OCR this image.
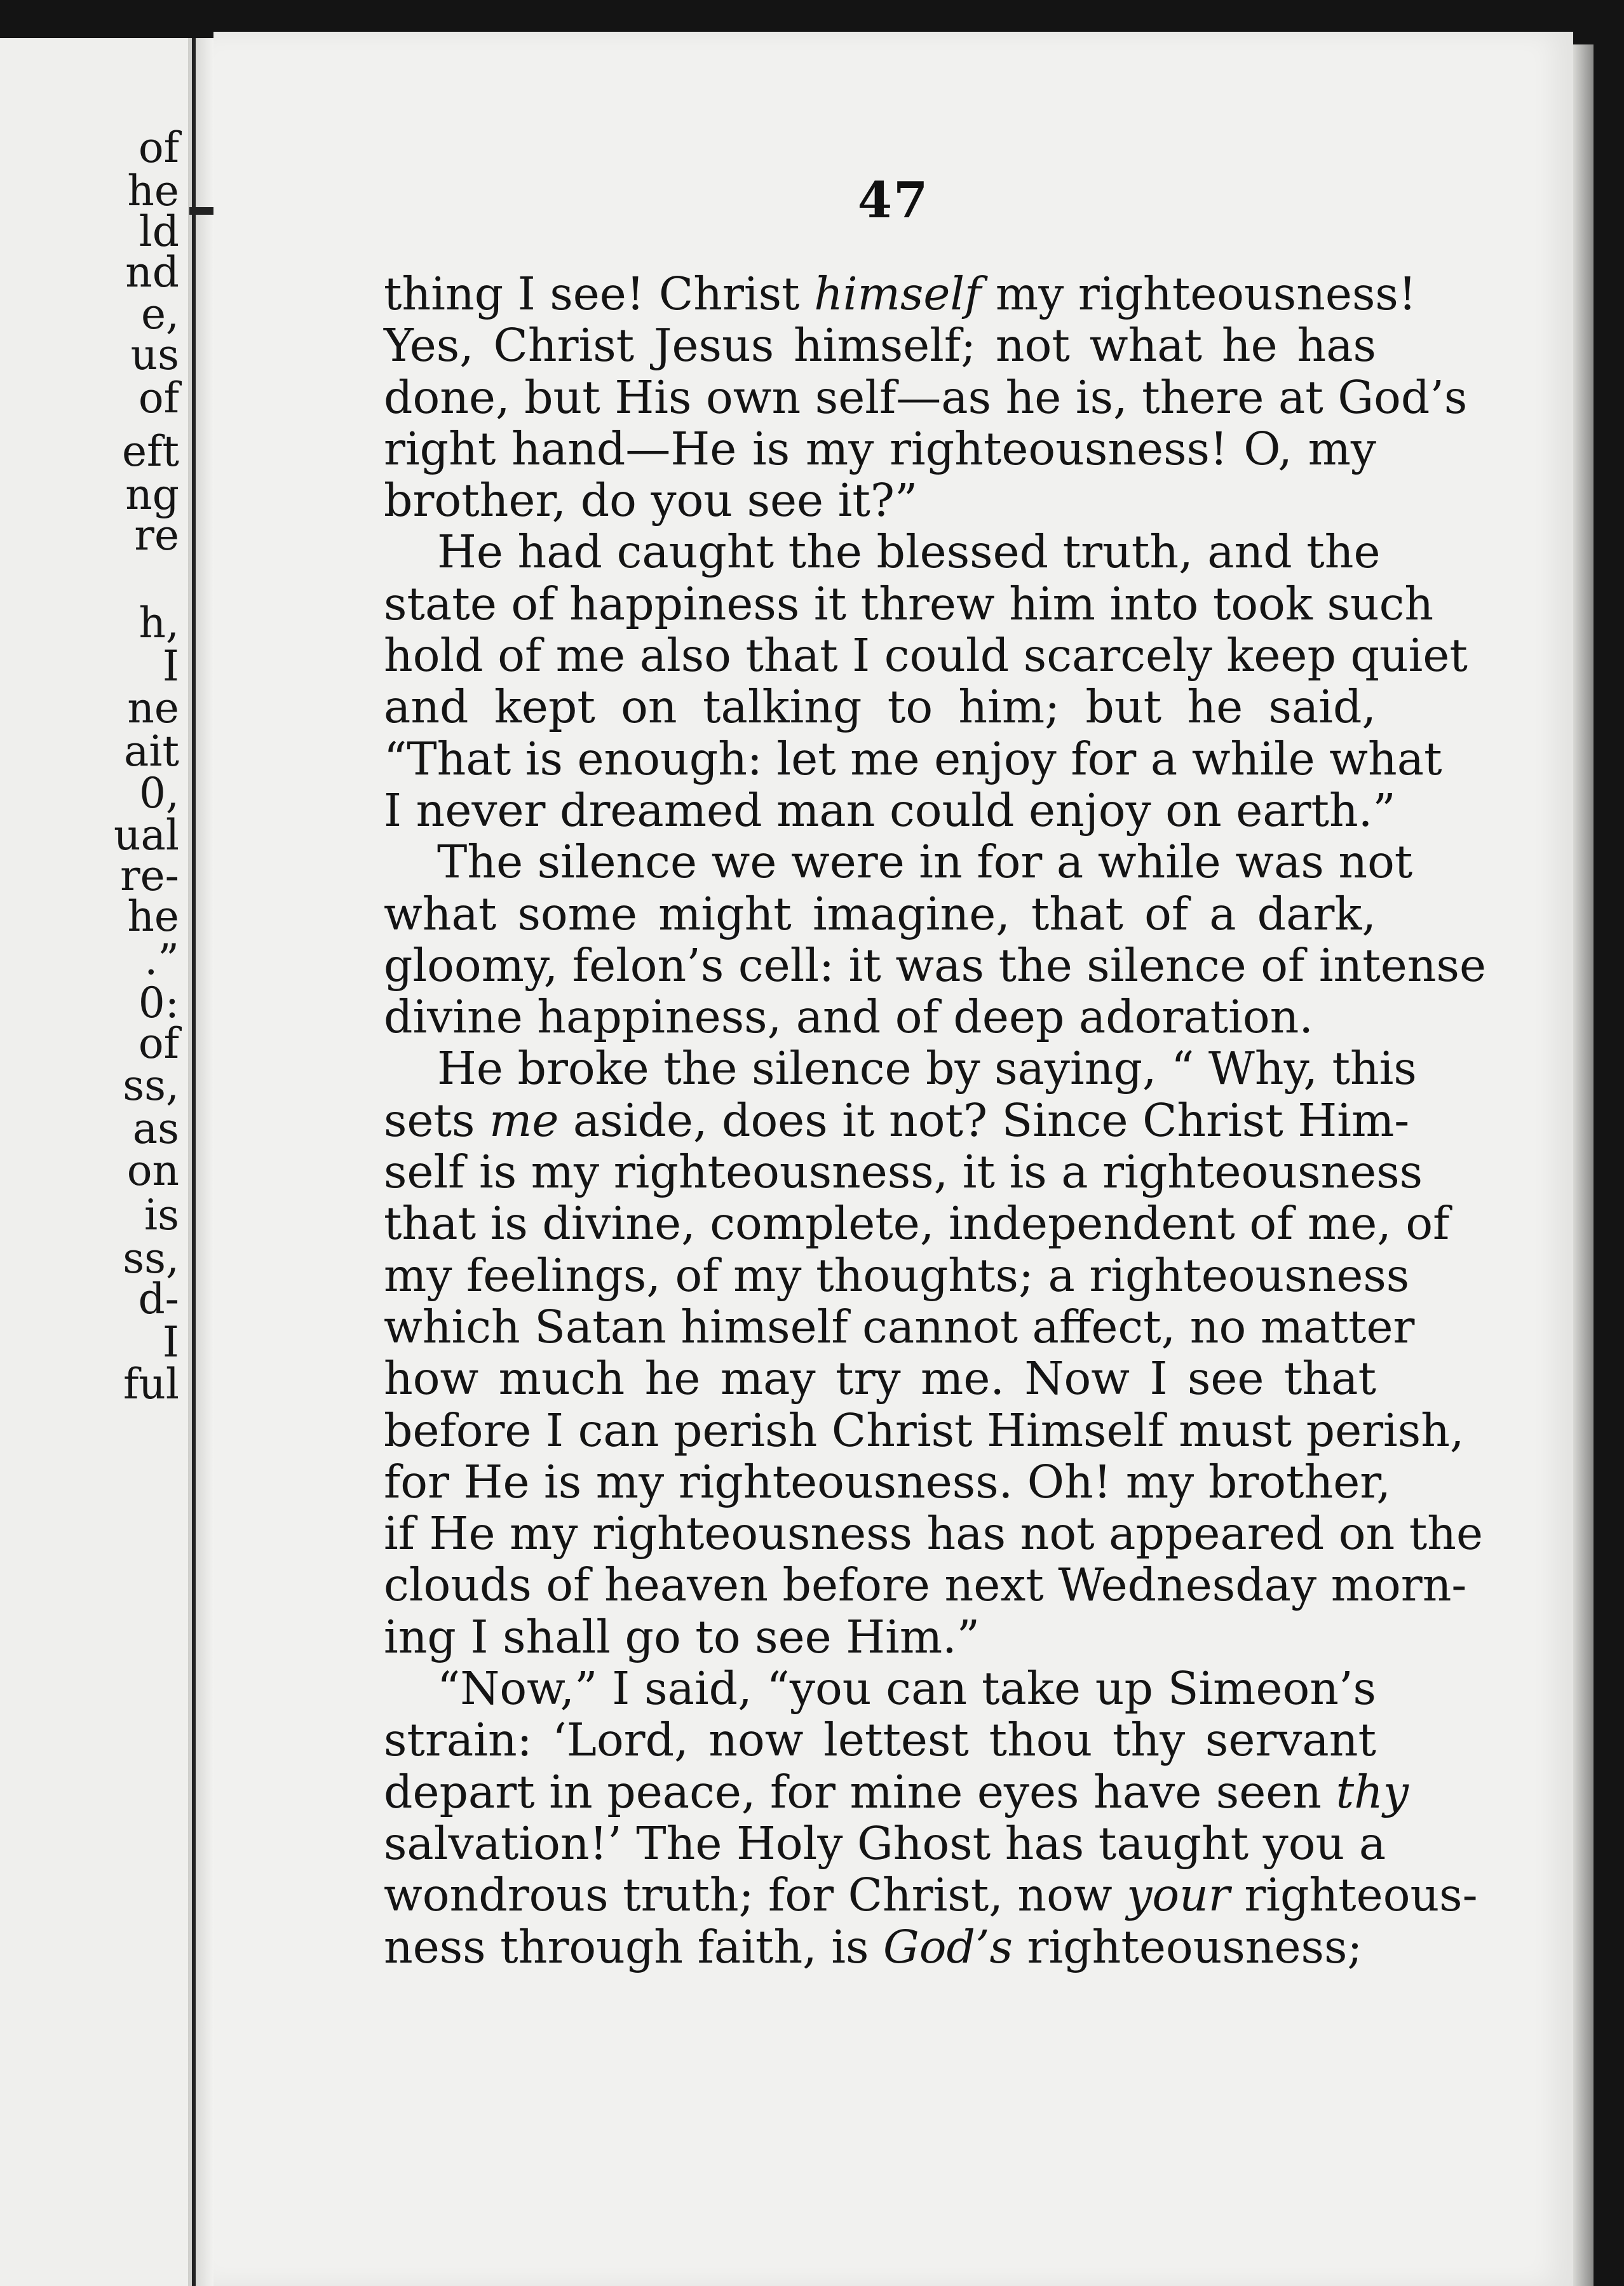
of
he
ld
nd
e,
us
of
eft
ng
re
h,
I
ne
ait
0,
ual
re-
he
.”
0:
of
ss,
as
on
is
ss,
d-
I
ful
47
thing I see! Christ himself my righteousness!
Yes, Christ Jesus himself; not what he has
done, but His own self—as he is, there at God’s
right hand—He is my righteousness! O, my
brother, do you see it?”
He had caught the blessed truth, and the
state of happiness it threw him into took such
hold of me also that I could scarcely keep quiet
and kept on talking to him; but he said,
“That is enough: let me enjoy for a while what
I never dreamed man could enjoy on earth.”
The silence we were in for a while was not
what some might imagine, that of a dark,
gloomy, felon’s cell: it was the silence of intense
divine happiness, and of deep adoration.
He broke the silence by saying, “ Why, this
sets me aside, does it not? Since Christ Him-
self is my righteousness, it is a righteousness
that is divine, complete, independent of me, of
my feelings, of my thoughts; a righteousness
which Satan himself cannot affect, no matter
how much he may try me. Now I see that
before I can perish Christ Himself must perish,
for He is my righteousness. Oh! my brother,
if He my righteousness has not appeared on the
clouds of heaven before next Wednesday morn-
ing I shall go to see Him.”
“Now,” I said, “you can take up Simeon’s
strain: ‘Lord, now lettest thou thy servant
depart in peace, for mine eyes have seen thy
salvation!’ The Holy Ghost has taught you a
wondrous truth; for Christ, now your righteous-
ness through faith, is God’s righteousness;
